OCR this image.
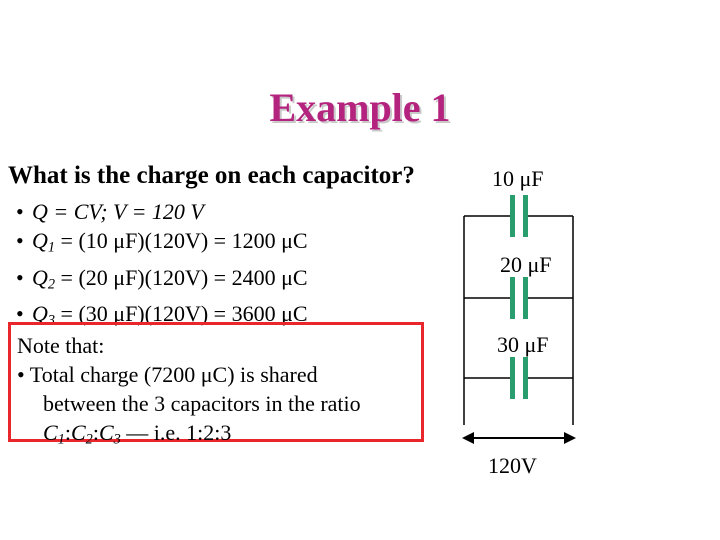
Example 1
What is the charge on each capacitor?
• Q = CV; V = 120 V
• $Q_1 = (10$ μF)(120V) = 1200 μC
• $Q_2 = (20$ μF)(120V) = 2400 μC
• $Q_3 = (30$ μF)(120V) = 3600 μC
Note that:
• Total charge (7200 μC) is shared
between the 3 capacitors in the ratio
$C_1:C_2:C_3$ — i.e. 1:2:3
10 μF
20 μF
30 μF
120V
